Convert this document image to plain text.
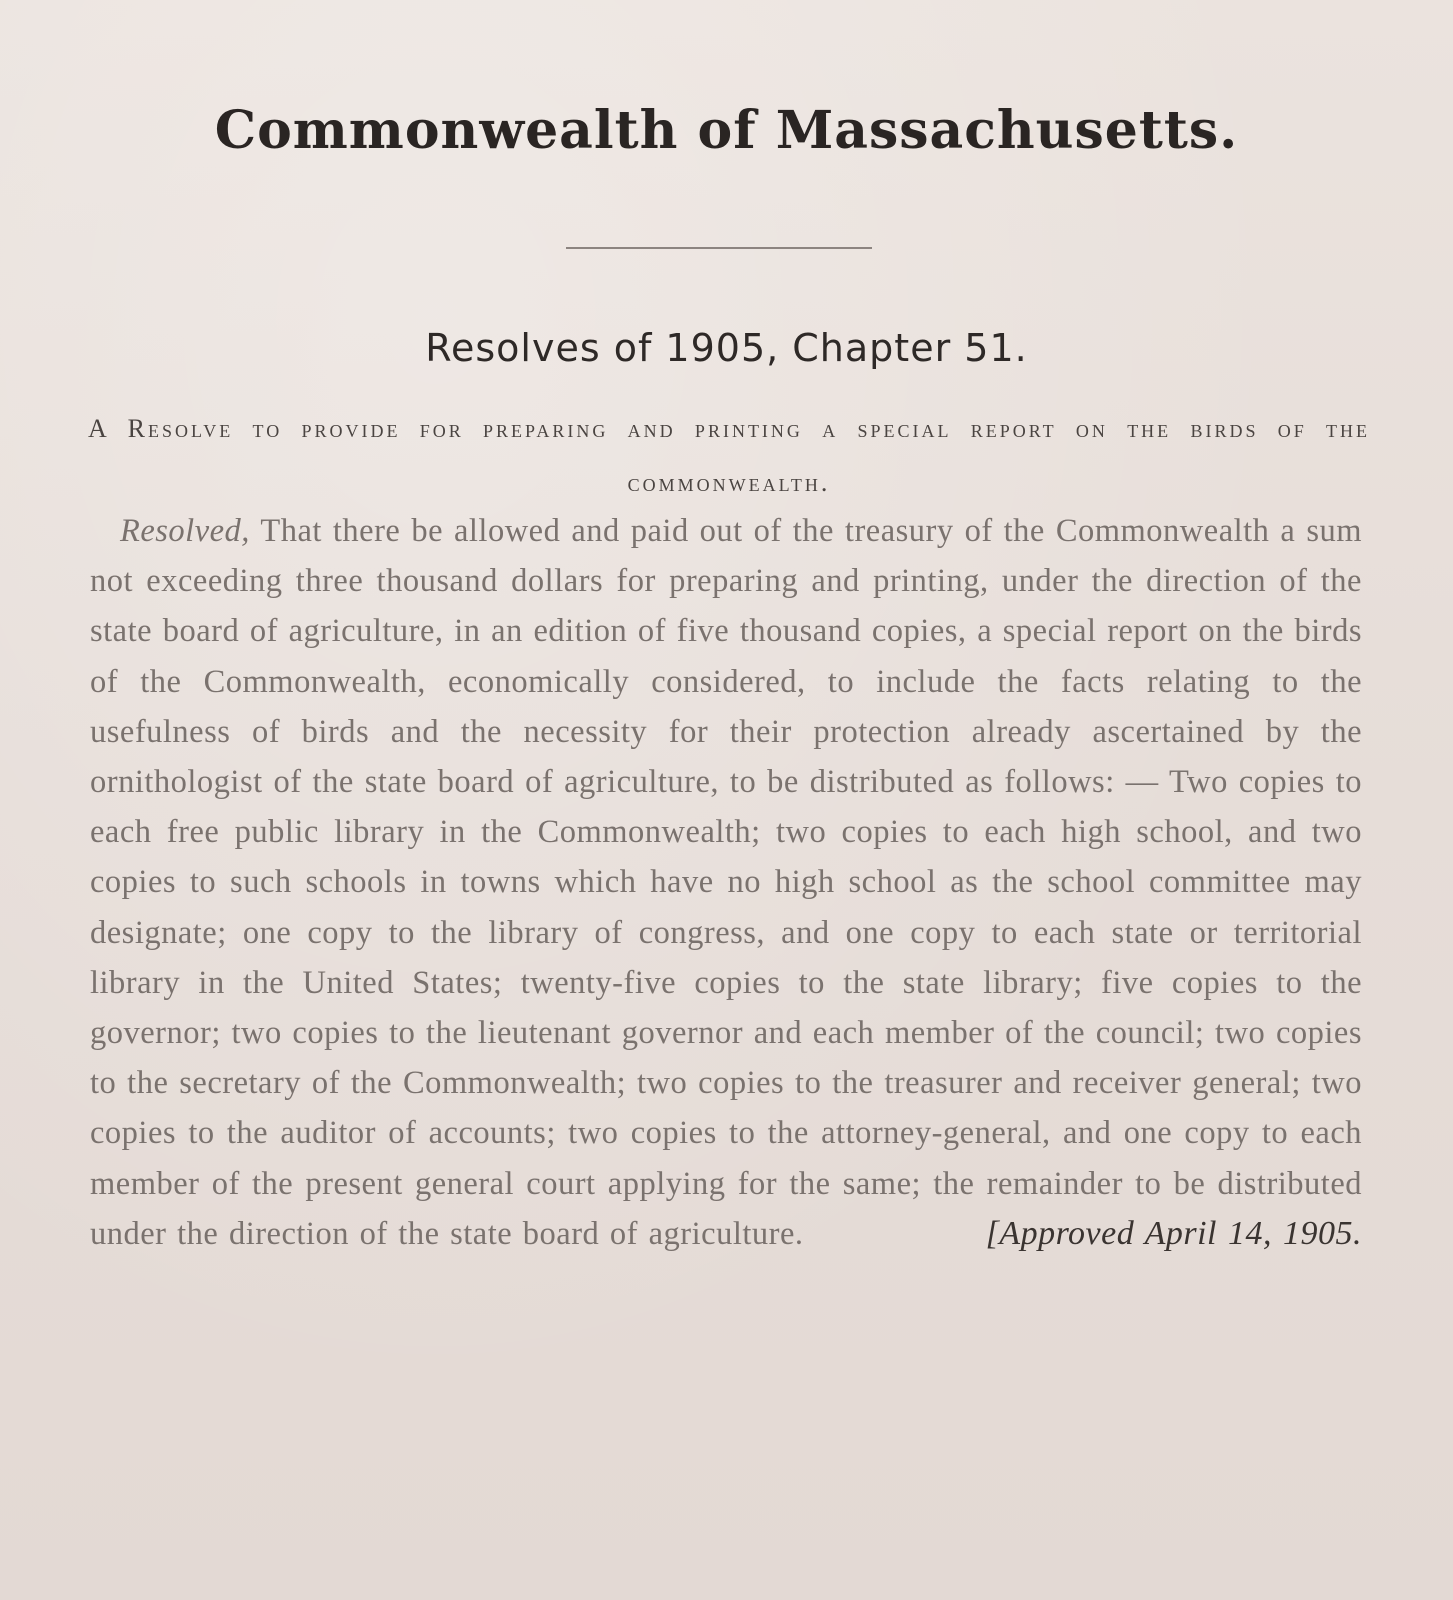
Commonwealth of Massachusetts.
Resolves of 1905, Chapter 51.
A Resolve to provide for preparing and printing a special report on the birds of the commonwealth.
Resolved, That there be allowed and paid out of the treasury of the Commonwealth a sum not exceeding three thousand dollars for preparing and printing, under the direction of the state board of agriculture, in an edition of five thousand copies, a special report on the birds of the Commonwealth, economically considered, to include the facts relating to the usefulness of birds and the necessity for their protection already ascertained by the ornithologist of the state board of agriculture, to be distributed as follows: — Two copies to each free public library in the Commonwealth; two copies to each high school, and two copies to such schools in towns which have no high school as the school committee may designate; one copy to the library of congress, and one copy to each state or territorial library in the United States; twenty-five copies to the state library; five copies to the governor; two copies to the lieutenant governor and each member of the council; two copies to the secretary of the Commonwealth; two copies to the treasurer and receiver general; two copies to the auditor of accounts; two copies to the attorney-general, and one copy to each member of the present general court applying for the same; the remainder to be distributed under the direction of the state board of agriculture.	[Approved April 14, 1905.
